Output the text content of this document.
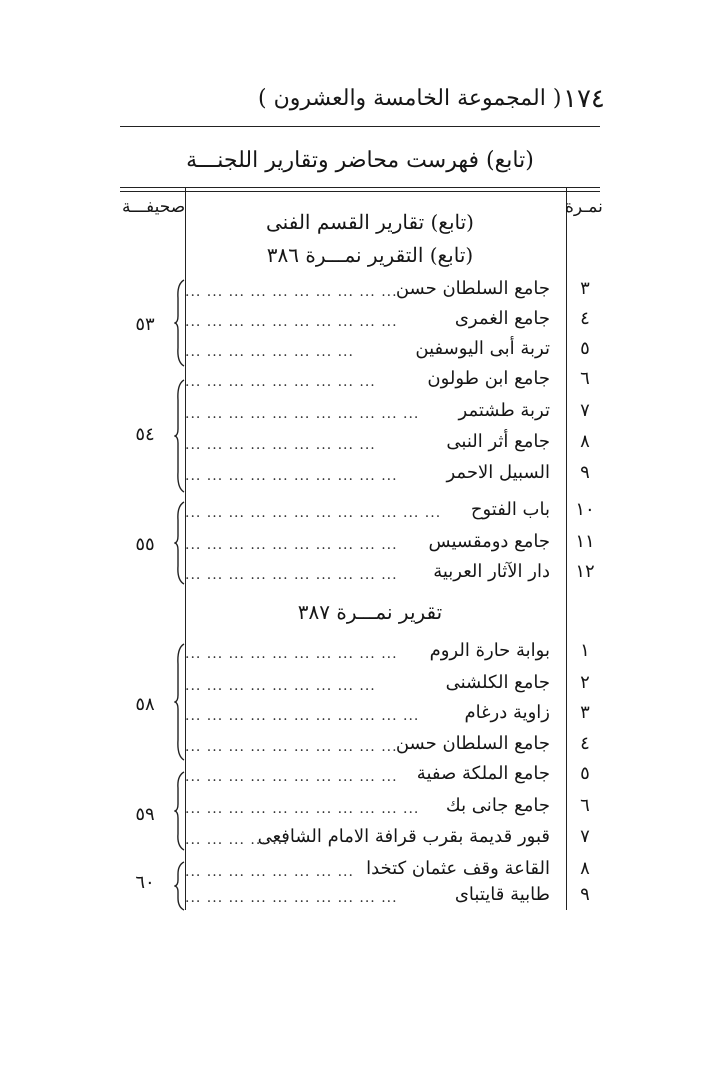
( المجموعة الخامسة والعشرون ) ١٧٤
(تابع) فهرست محاضر وتقارير اللجنـــة
نمـرة
صحيفـــة
(تابع) تقارير القسم الفنى
(تابع) التقرير نمـــرة ٣٨٦
٣
جامع السلطان حسن
... ... ... ... ... ... ... ... ... ...
٤
جامع الغمرى
... ... ... ... ... ... ... ... ... ...
٥
تربة أبى اليوسفين
... ... ... ... ... ... ... ...
٦
جامع ابن طولون
... ... ... ... ... ... ... ... ...
٧
تربة طشتمر
... ... ... ... ... ... ... ... ... ... ...
٨
جامع أثر النبى
... ... ... ... ... ... ... ... ...
٩
السبيل الاحمر
... ... ... ... ... ... ... ... ... ...
١٠
باب الفتوح
... ... ... ... ... ... ... ... ... ... ... ...
١١
جامع دومقسيس
... ... ... ... ... ... ... ... ... ...
١٢
دار الآثار العربية
... ... ... ... ... ... ... ... ... ...
٥٣
٥٤
٥٥
تقرير نمـــرة ٣٨٧
١
بوابة حارة الروم
... ... ... ... ... ... ... ... ... ...
٢
جامع الكلشنى
... ... ... ... ... ... ... ... ...
٣
زاوية درغام
... ... ... ... ... ... ... ... ... ... ...
٤
جامع السلطان حسن
... ... ... ... ... ... ... ... ... ...
٥
جامع الملكة صفية
... ... ... ... ... ... ... ... ... ...
٦
جامع جانى بك
... ... ... ... ... ... ... ... ... ... ...
٧
قبور قديمة بقرب قرافة الامام الشافعى
... ... ... ... ...
٨
القاعة وقف عثمان كتخدا
... ... ... ... ... ... ... ...
٩
طابية قايتباى
... ... ... ... ... ... ... ... ... ...
٥٨
٥٩
٦٠
